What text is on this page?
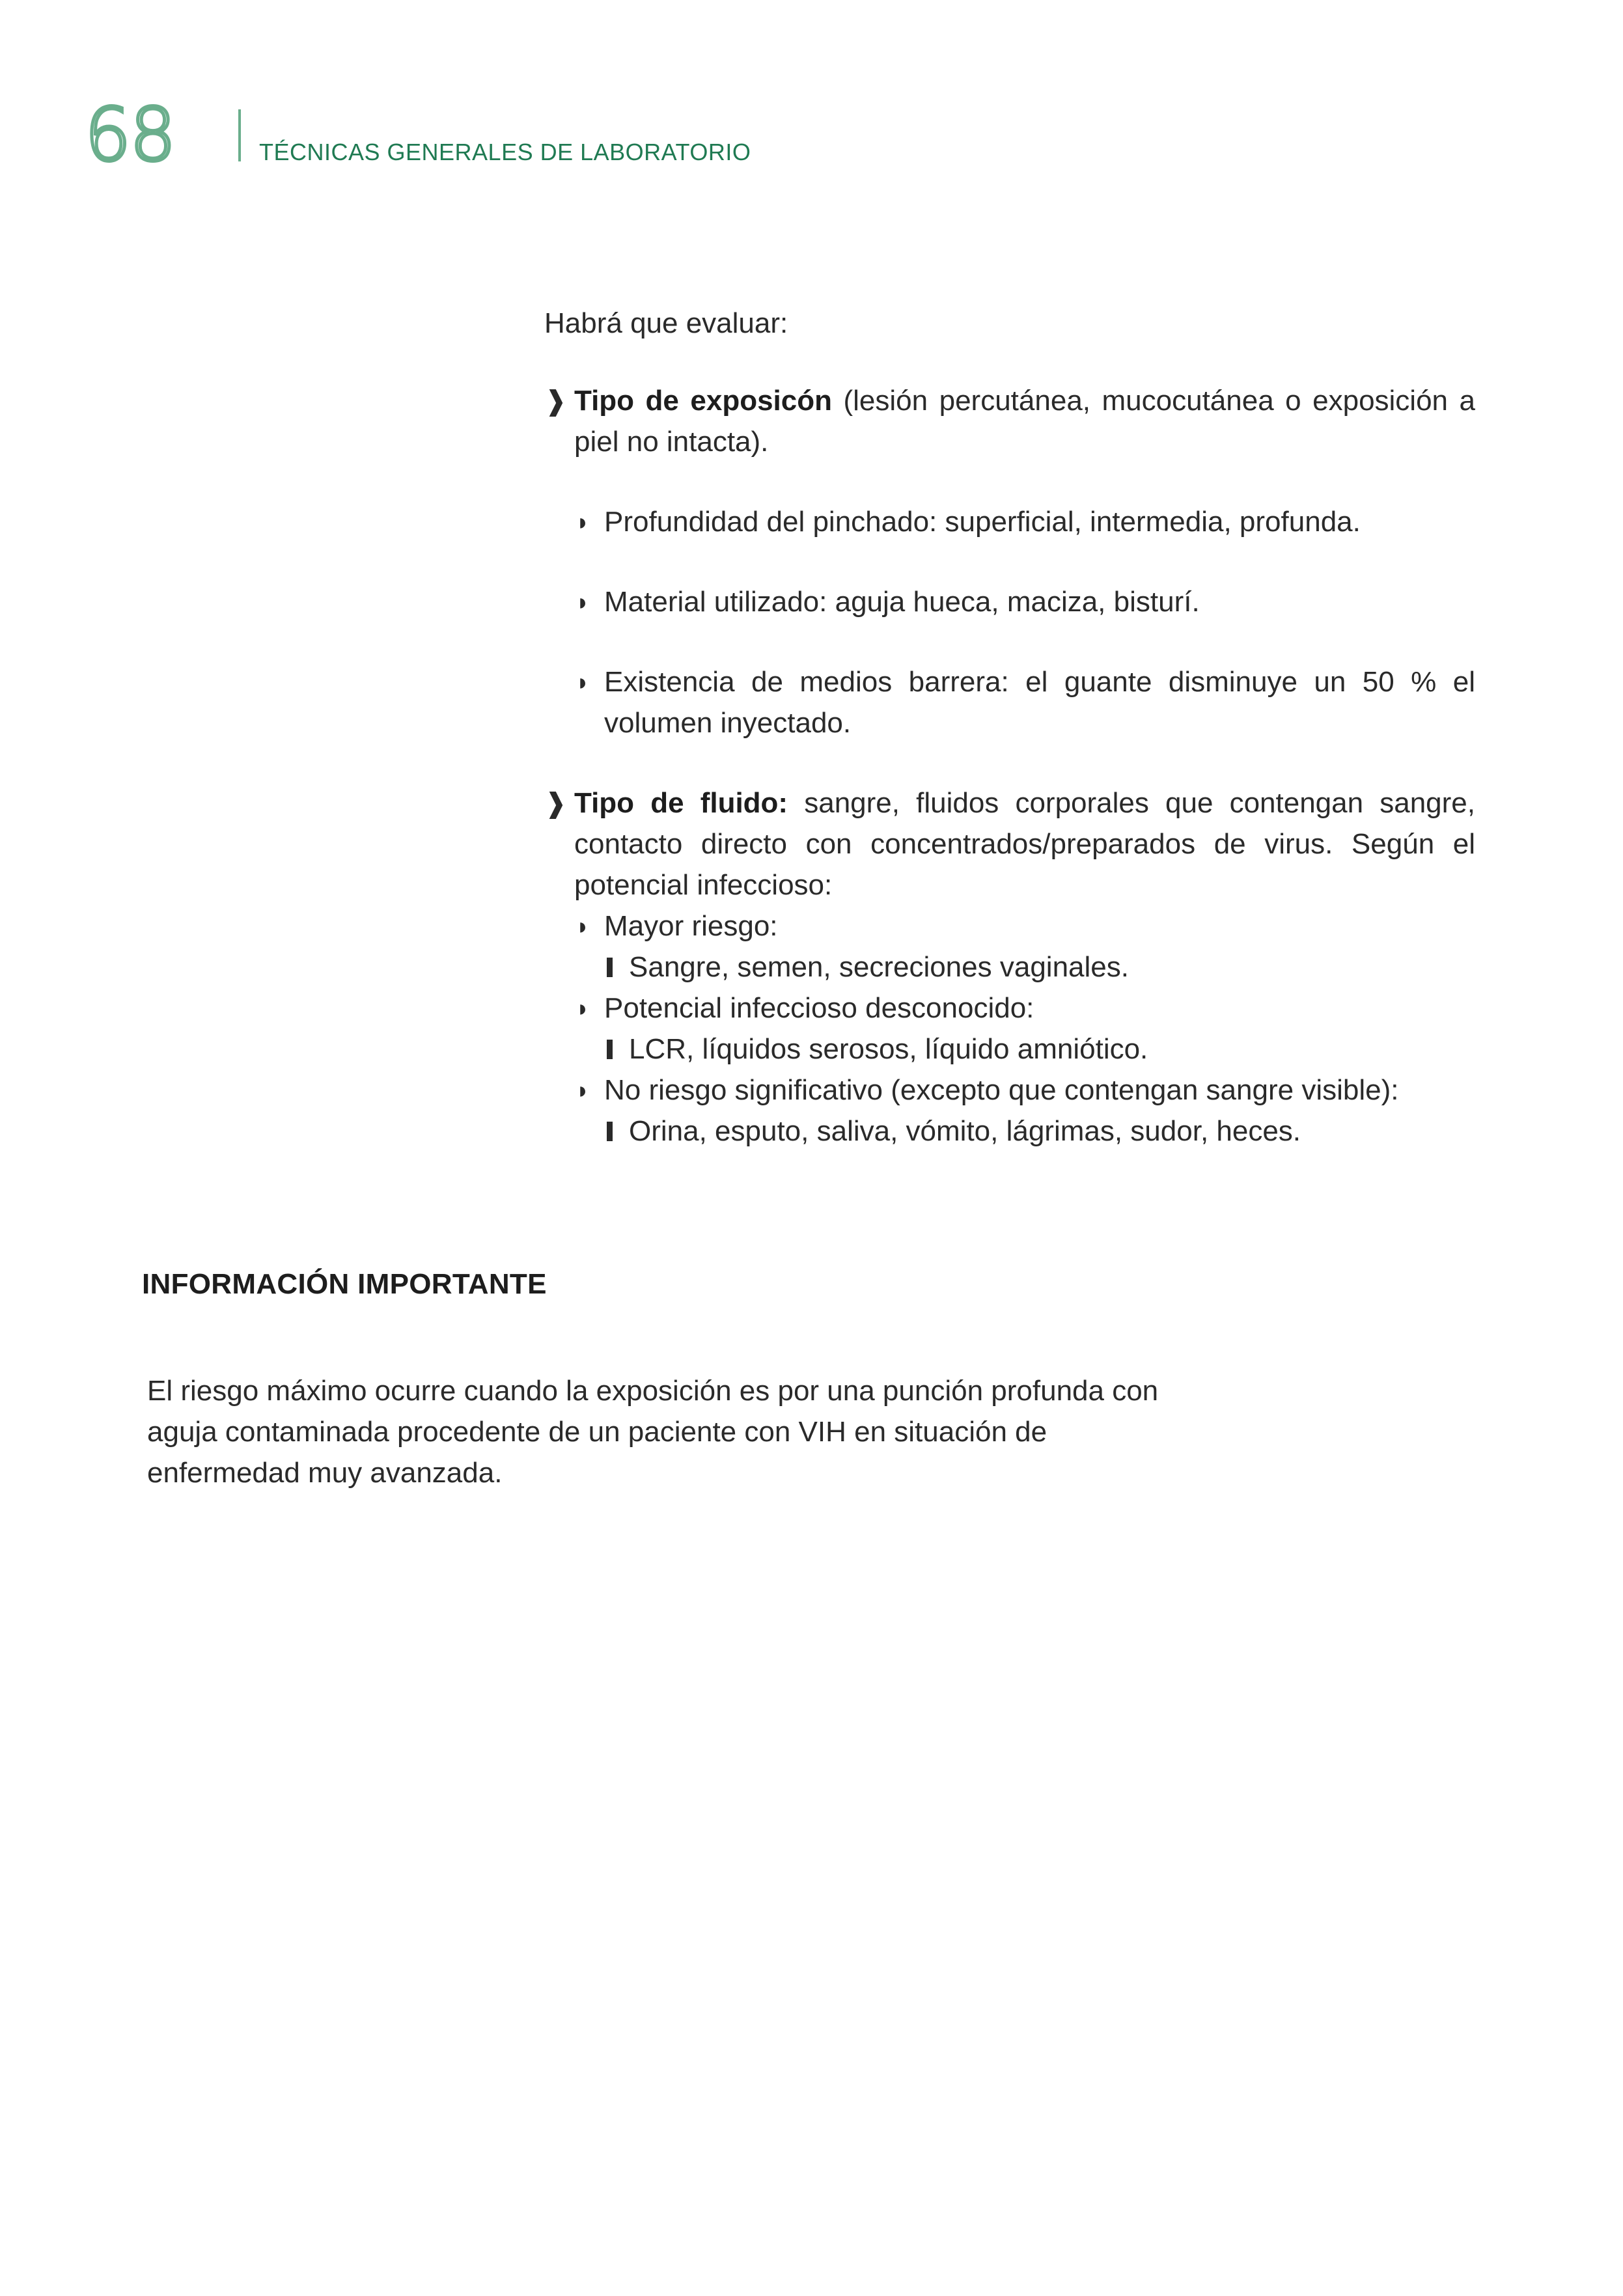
68	TÉCNICAS GENERALES DE LABORATORIO

Habrá que evaluar:

❱ Tipo de exposicón (lesión percutánea, mucocutánea o exposición a piel no intacta).
◗ Profundidad del pinchado: superficial, intermedia, profunda.
◗ Material utilizado: aguja hueca, maciza, bisturí.
◗ Existencia de medios barrera: el guante disminuye un 50 % el volumen inyectado.
❱ Tipo de fluido: sangre, fluidos corporales que contengan sangre, contacto directo con concentrados/preparados de virus. Según el potencial infeccioso:
◗ Mayor riesgo:
Sangre, semen, secreciones vaginales.
◗ Potencial infeccioso desconocido:
LCR, líquidos serosos, líquido amniótico.
◗ No riesgo significativo (excepto que contengan sangre visible):
Orina, esputo, saliva, vómito, lágrimas, sudor, heces.
INFORMACIÓN IMPORTANTE
El riesgo máximo ocurre cuando la exposición es por una punción profunda con aguja contaminada procedente de un paciente con VIH en situación de enfermedad muy avanzada.
